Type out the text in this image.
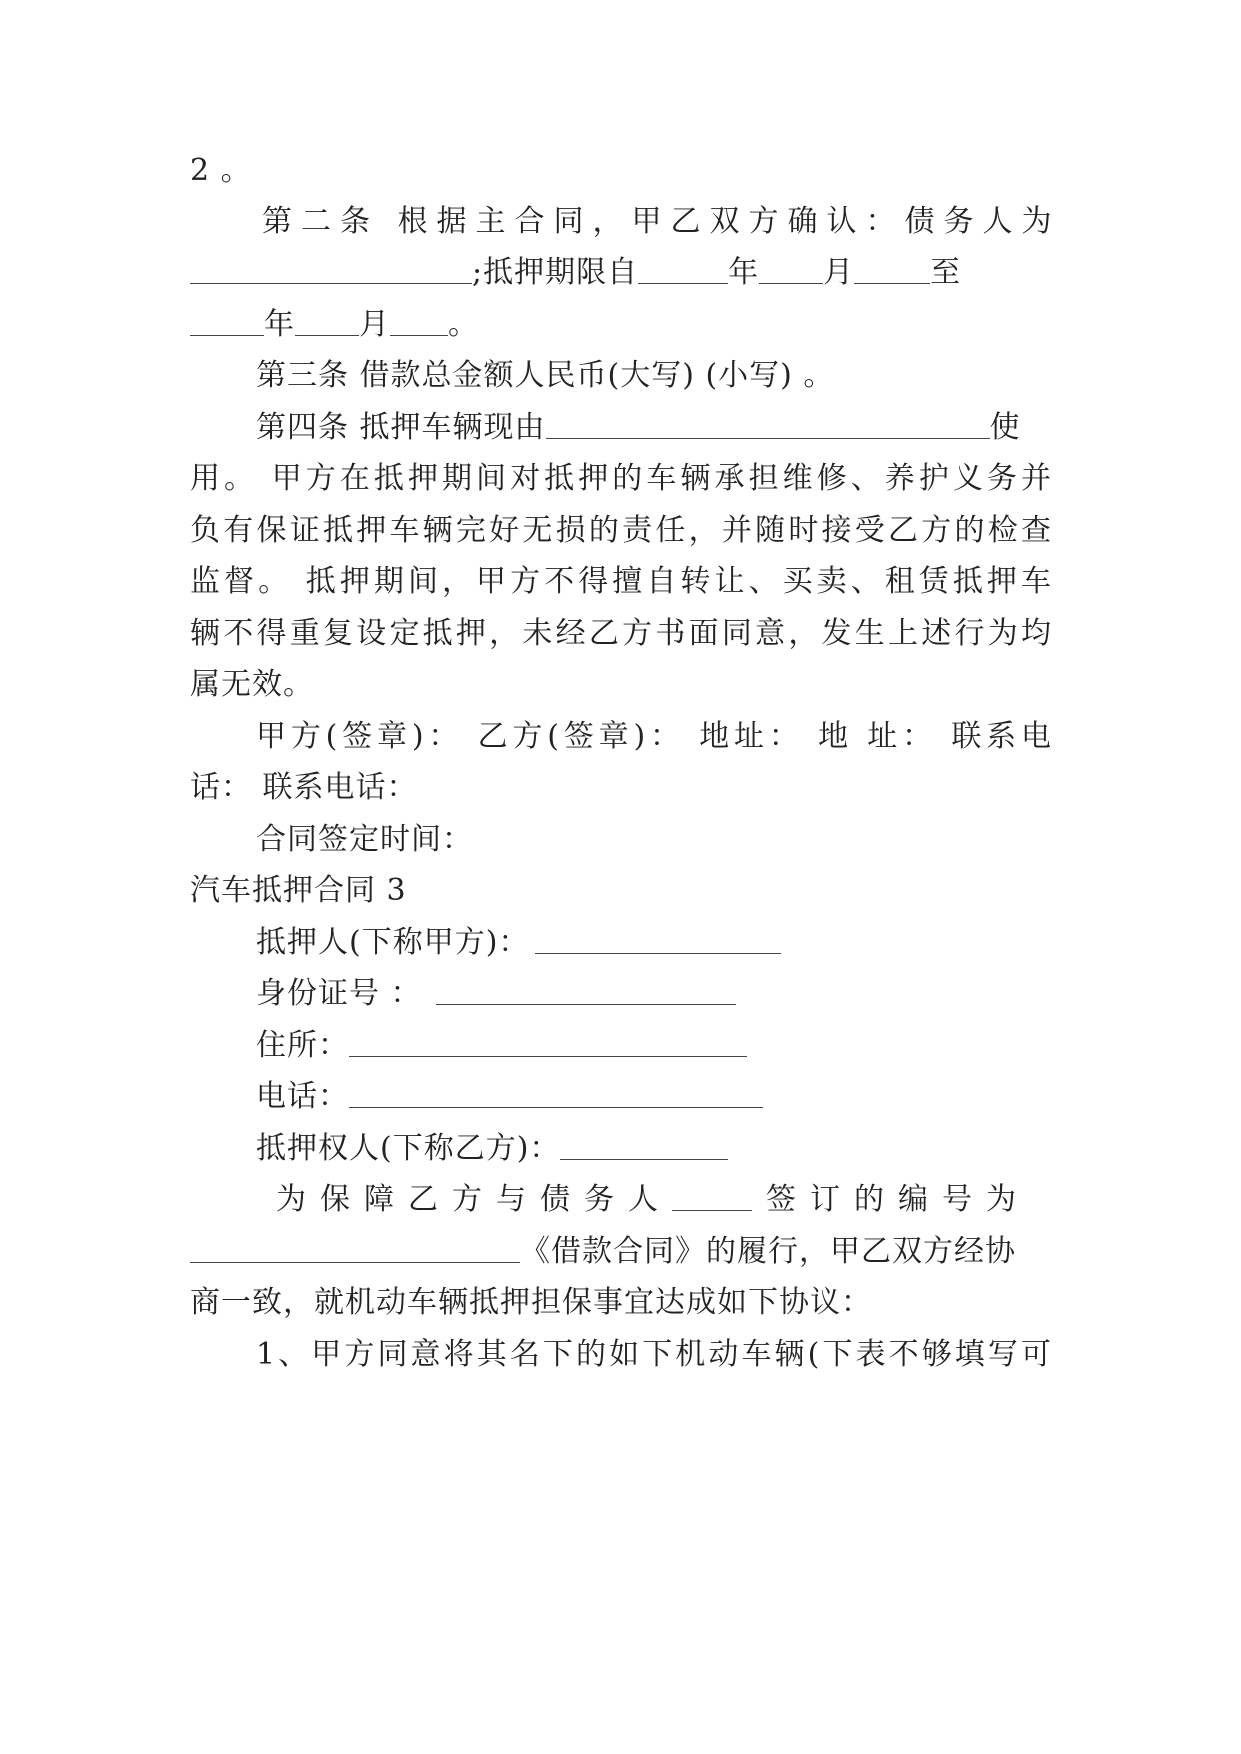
2 。
第二条 根据主合同，甲乙双方确认：债务人为
;抵押期限自	年 月	至
年 月 。
第三条 借款总金额人民币(大写) (小写) 。
第四条 抵押车辆现由	使
用。 甲方在抵押期间对抵押的车辆承担维修、养护义务并
负有保证抵押车辆完好无损的责任，并随时接受乙方的检查
监督。 抵押期间，甲方不得擅自转让、买卖、租赁抵押车
辆不得重复设定抵押，未经乙方书面同意，发生上述行为均
属无效。
甲方(签章)： 乙方(签章)： 地址： 地 址： 联系电
话： 联系电话：
合同签定时间：
汽车抵押合同 3
抵押人(下称甲方)：
身份证号 ：
住所：
电话：
抵押权人(下称乙方)：
为保障乙方与债务人	签订的编号为
《借款合同》的履行，甲乙双方经协
商一致，就机动车辆抵押担保事宜达成如下协议：
1、甲方同意将其名下的如下机动车辆(下表不够填写可
